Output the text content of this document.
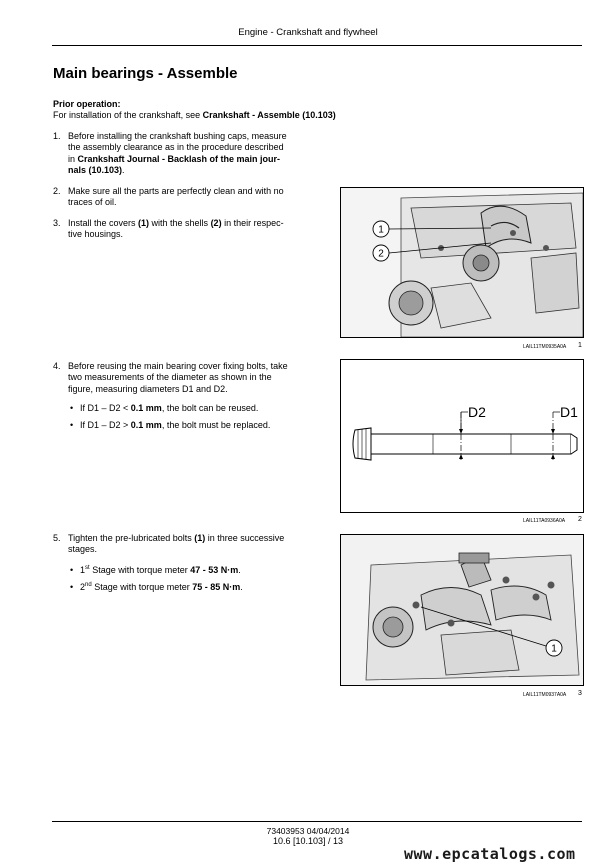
Engine - Crankshaft and flywheel
Main bearings - Assemble
Prior operation:
For installation of the crankshaft, see Crankshaft - Assemble (10.103)
1. Before installing the crankshaft bushing caps, measure
the assembly clearance as in the procedure described
in Crankshaft Journal - Backlash of the main jour-
nals (10.103).
2. Make sure all the parts are perfectly clean and with no
traces of oil.
3. Install the covers (1) with the shells (2) in their respec-
tive housings.	1
2
LAIL11TM0935A0A 1
4. Before reusing the main bearing cover fixing bolts, take
two measurements of the diameter as shown in the
figure, measuring diameters D1 and D2.
• If D1 – D2 < 0.1 mm, the bolt can be reused.
• If D1 – D2 > 0.1 mm, the bolt must be replaced.
D2	D1
LAIL11TA0936A0A 2
5. Tighten the pre-lubricated bolts (1) in three successive
stages.
• 1st Stage with torque meter 47 - 53 N·m.
• 2nd Stage with torque meter 75 - 85 N·m.
1
LAIL11TM0937A0A 3
73403953 04/04/2014
10.6 [10.103] / 13
www.epcatalogs.com
